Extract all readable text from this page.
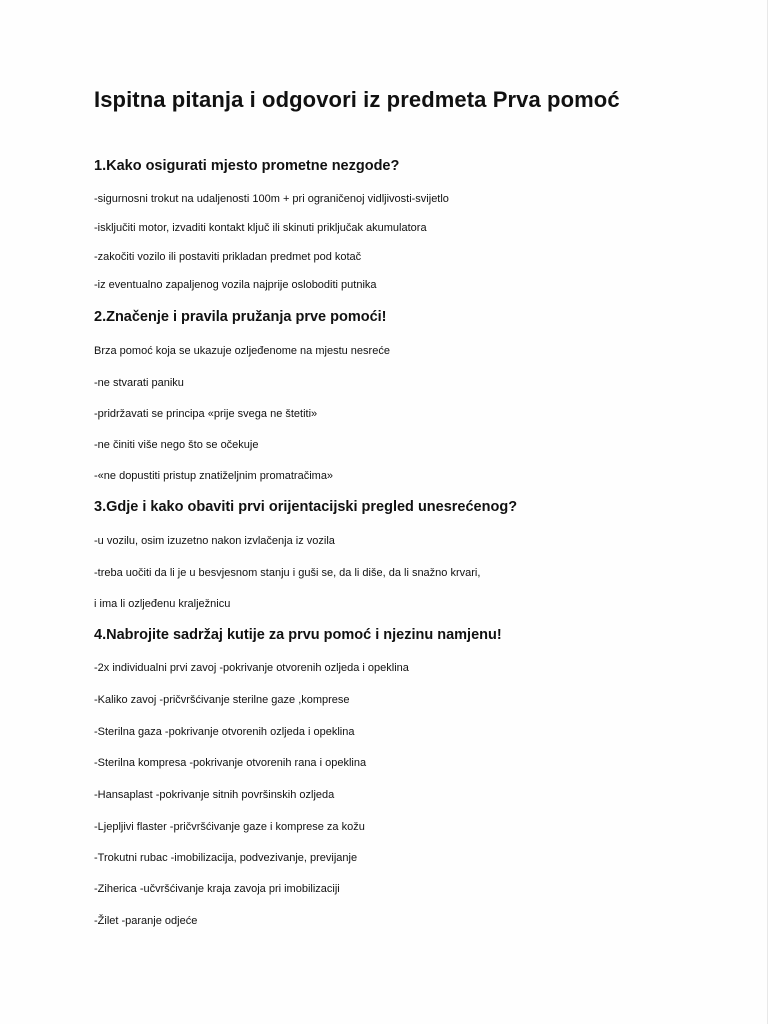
Ispitna pitanja i odgovori iz predmeta Prva pomoć
1.Kako osigurati mjesto prometne nezgode?
-sigurnosni trokut na udaljenosti 100m + pri ograničenoj vidljivosti-svijetlo
-isključiti motor, izvaditi kontakt ključ ili skinuti priključak akumulatora
-zakočiti vozilo ili postaviti prikladan predmet pod kotač
-iz eventualno zapaljenog vozila najprije osloboditi putnika
2.Značenje i pravila pružanja prve pomoći!
Brza pomoć koja se ukazuje ozljeđenome na mjestu nesreće
-ne stvarati paniku
-pridržavati se principa «prije svega ne štetiti»
-ne činiti više nego što se očekuje
-«ne dopustiti pristup znatiželjnim promatračima»
3.Gdje i kako obaviti prvi orijentacijski pregled unesrećenog?
-u vozilu, osim izuzetno nakon izvlačenja iz vozila
-treba uočiti da li je u besvjesnom stanju i guši se, da li diše, da li snažno krvari,
i ima li ozljeđenu kralježnicu
4.Nabrojite sadržaj kutije za prvu pomoć i njezinu namjenu!
-2x individualni prvi zavoj -pokrivanje otvorenih ozljeda i opeklina
-Kaliko zavoj -pričvršćivanje sterilne gaze ,komprese
-Sterilna gaza -pokrivanje otvorenih ozljeda i opeklina
-Sterilna kompresa -pokrivanje otvorenih rana i opeklina
-Hansaplast -pokrivanje sitnih površinskih ozljeda
-Ljepljivi flaster -pričvršćivanje gaze i komprese za kožu
-Trokutni rubac -imobilizacija, podvezivanje, previjanje
-Ziherica -učvršćivanje kraja zavoja pri imobilizaciji
-Žilet -paranje odjeće
